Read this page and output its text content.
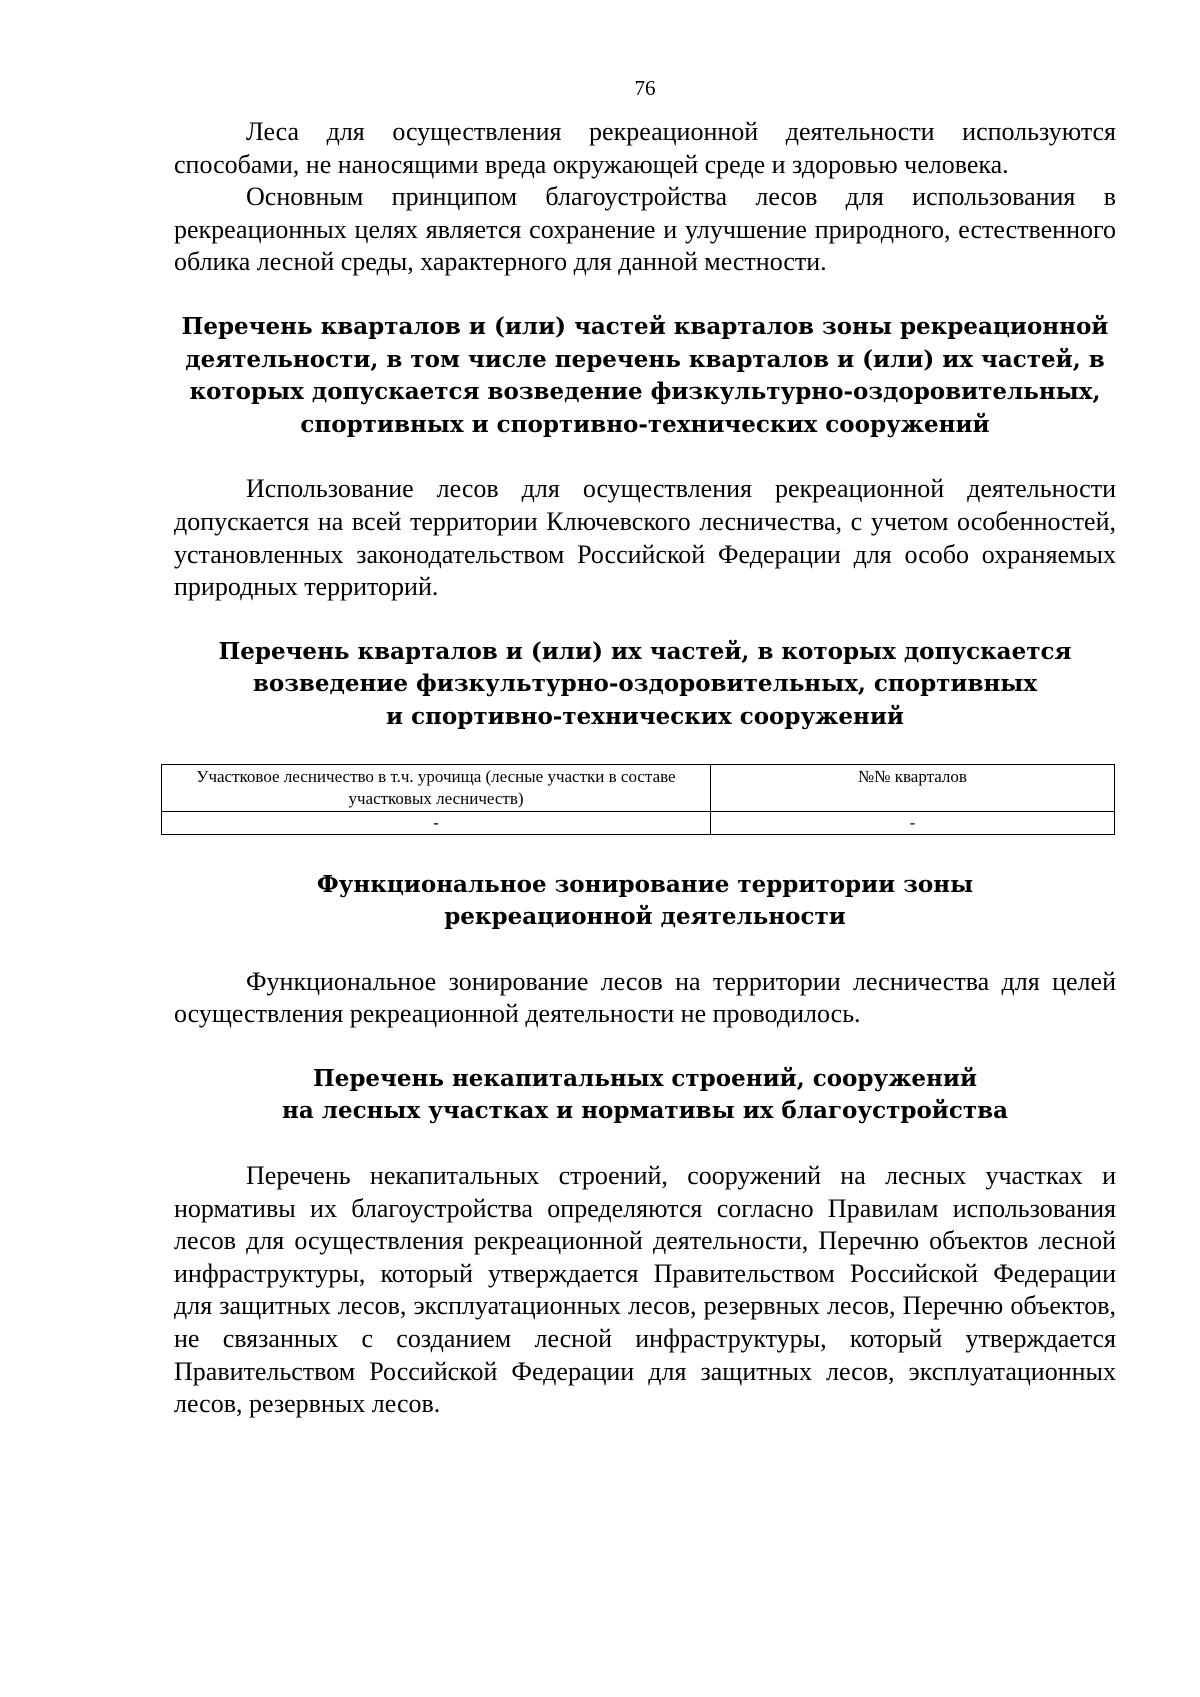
76

Леса для осуществления рекреационной деятельности используются способами, не наносящими вреда окружающей среде и здоровью человека.

Основным принципом благоустройства лесов для использования в рекреационных целях является сохранение и улучшение природного, естественного облика лесной среды, характерного для данной местности.

Перечень кварталов и (или) частей кварталов зоны рекреационной
деятельности, в том числе перечень кварталов и (или) их частей, в
которых допускается возведение физкультурно-оздоровительных,
спортивных и спортивно-технических сооружений

Использование лесов для осуществления рекреационной деятельности допускается на всей территории Ключевского лесничества, с учетом особенностей, установленных законодательством Российской Федерации для особо охраняемых природных территорий.

Перечень кварталов и (или) их частей, в которых допускается
возведение физкультурно-оздоровительных, спортивных
и спортивно-технических сооружений
Участковое лесничество в т.ч. урочища (лесные участки в составе участковых лесничеств)	№№ кварталов
-	-
Функциональное зонирование территории зоны
рекреационной деятельности

Функциональное зонирование лесов на территории лесничества для целей осуществления рекреационной деятельности не проводилось.

Перечень некапитальных строений, сооружений
на лесных участках и нормативы их благоустройства

Перечень некапитальных строений, сооружений на лесных участках и нормативы их благоустройства определяются согласно Правилам использования лесов для осуществления рекреационной деятельности, Перечню объектов лесной инфраструктуры, который утверждается Правительством Российской Федерации для защитных лесов, эксплуатационных лесов, резервных лесов, Перечню объектов, не связанных с созданием лесной инфраструктуры, который утверждается Правительством Российской Федерации для защитных лесов, эксплуатационных лесов, резервных лесов.
